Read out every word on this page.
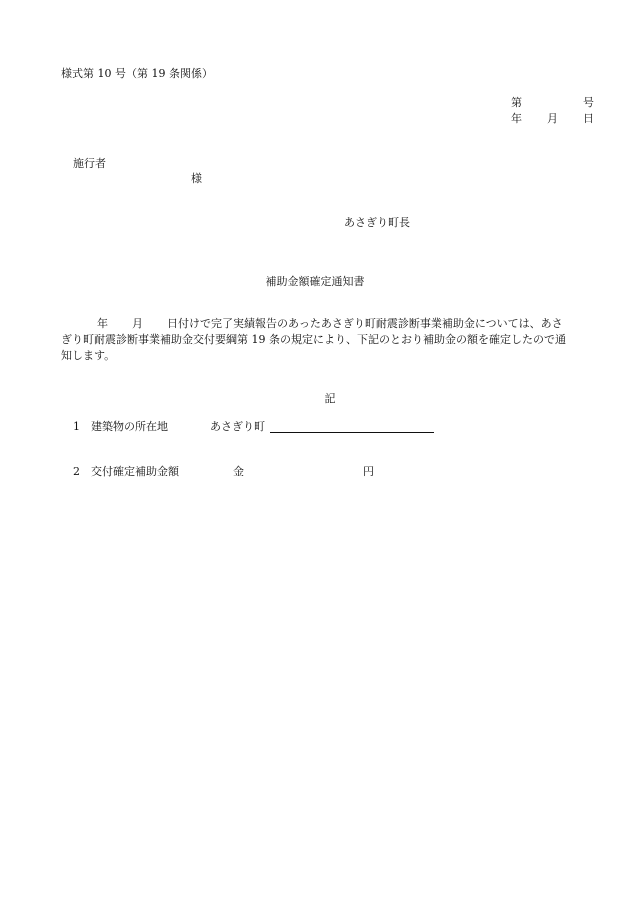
様式第 10 号（第 19 条関係）
第	号
年 月 日
施行者
様
あさぎり町長
補助金額確定通知書
年 月 日付けで完了実績報告のあったあさぎり町耐震診断事業補助金については、あさ
ぎり町耐震診断事業補助金交付要綱第 19 条の規定により、下記のとおり補助金の額を確定したので通
知します。
記
1 建築物の所在地	あさぎり町
2 交付確定補助金額	金	円
